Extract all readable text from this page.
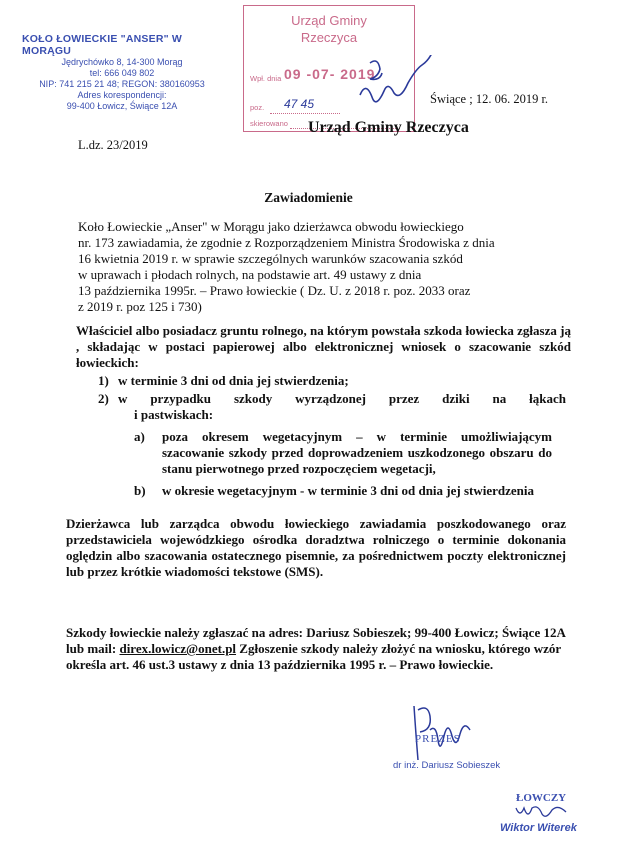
KOŁO ŁOWIECKIE "ANSER" W MORĄGU
Jędrychówko 8, 14-300 Morąg
tel: 666 049 802
NIP: 741 215 21 48; REGON: 380160953
Adres korespondencji:
99-400 Łowicz, Świące 12A
Urząd Gminy
Rzeczyca
Wpł. dnia 09 -07- 2019
poz. 47 45
skierowano
Świące ; 12. 06. 2019 r.
Urząd Gminy Rzeczyca
L.dz. 23/2019
Zawiadomienie
Koło Łowieckie „Anser" w Morągu jako dzierżawca obwodu łowieckiego
nr. 173 zawiadamia, że zgodnie z Rozporządzeniem Ministra Środowiska z dnia
16 kwietnia 2019 r. w sprawie szczególnych warunków szacowania szkód
w uprawach i płodach rolnych, na podstawie art. 49 ustawy z dnia
13 października 1995r. – Prawo łowieckie ( Dz. U. z 2018 r. poz. 2033 oraz
z 2019 r. poz 125 i 730)
Właściciel albo posiadacz gruntu rolnego, na którym powstała szkoda łowiecka zgłasza ją , składając w postaci papierowej albo elektronicznej wniosek o szacowanie szkód łowieckich:
1) w terminie 3 dni od dnia jej stwierdzenia;
2) w przypadku szkody wyrządzonej przez dziki na łąkach
i pastwiskach:
a) poza okresem wegetacyjnym – w terminie umożliwiającym szacowanie szkody przed doprowadzeniem uszkodzonego obszaru do stanu pierwotnego przed rozpoczęciem wegetacji,
b) w okresie wegetacyjnym - w terminie 3 dni od dnia jej stwierdzenia
Dzierżawca lub zarządca obwodu łowieckiego zawiadamia poszkodowanego oraz przedstawiciela wojewódzkiego ośrodka doradztwa rolniczego o terminie dokonania oględzin albo szacowania ostatecznego pisemnie, za pośrednictwem poczty elektronicznej lub przez krótkie wiadomości tekstowe (SMS).
Szkody łowieckie należy zgłaszać na adres: Dariusz Sobieszek; 99-400 Łowicz; Świące 12A lub mail: direx.lowicz@onet.pl Zgłoszenie szkody należy złożyć na wniosku, którego wzór określa art. 46 ust.3 ustawy z dnia 13 października 1995 r. – Prawo łowieckie.
PREZES
dr inż. Dariusz Sobieszek
ŁOWCZY
Wiktor Witerek
